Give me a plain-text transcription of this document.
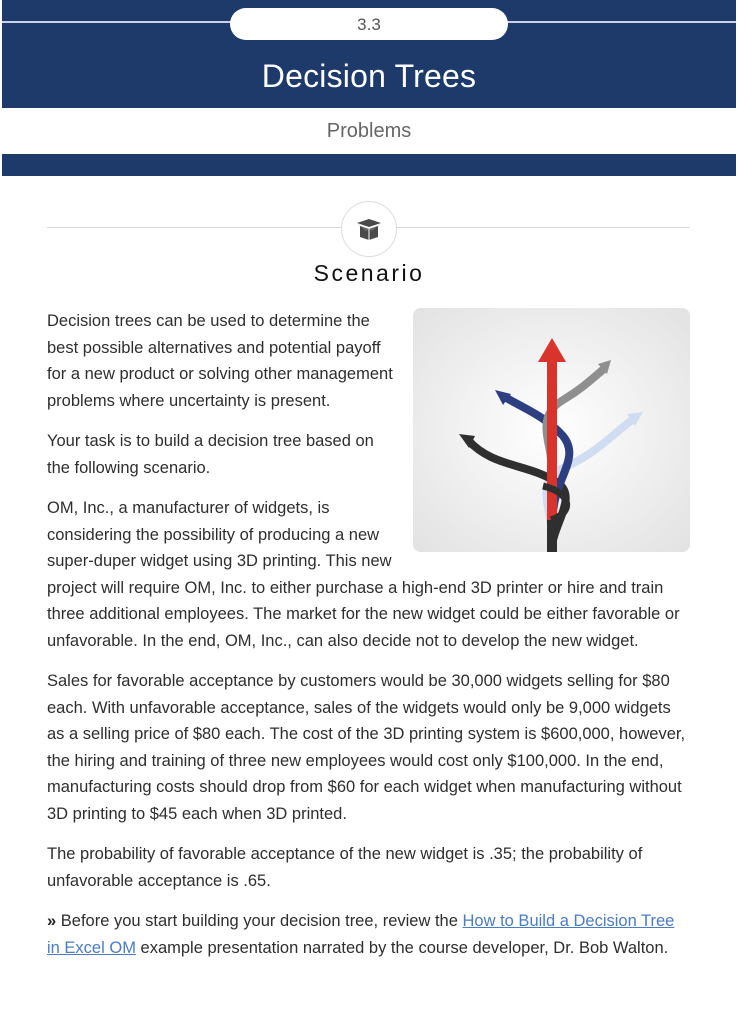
3.3
Decision Trees
Problems
Scenario

Decision trees can be used to determine the best possible alternatives and potential payoff for a new product or solving other management problems where uncertainty is present.

Your task is to build a decision tree based on the following scenario.

OM, Inc., a manufacturer of widgets, is considering the possibility of producing a new super-duper widget using 3D printing. This new project will require OM, Inc. to either purchase a high-end 3D printer or hire and train three additional employees. The market for the new widget could be either favorable or unfavorable. In the end, OM, Inc., can also decide not to develop the new widget.

Sales for favorable acceptance by customers would be 30,000 widgets selling for $80 each. With unfavorable acceptance, sales of the widgets would only be 9,000 widgets as a selling price of $80 each. The cost of the 3D printing system is $600,000, however, the hiring and training of three new employees would cost only $100,000. In the end, manufacturing costs should drop from $60 for each widget when manufacturing without 3D printing to $45 each when 3D printed.

The probability of favorable acceptance of the new widget is .35; the probability of unfavorable acceptance is .65.

» Before you start building your decision tree, review the How to Build a Decision Tree in Excel OM example presentation narrated by the course developer, Dr. Bob Walton.
